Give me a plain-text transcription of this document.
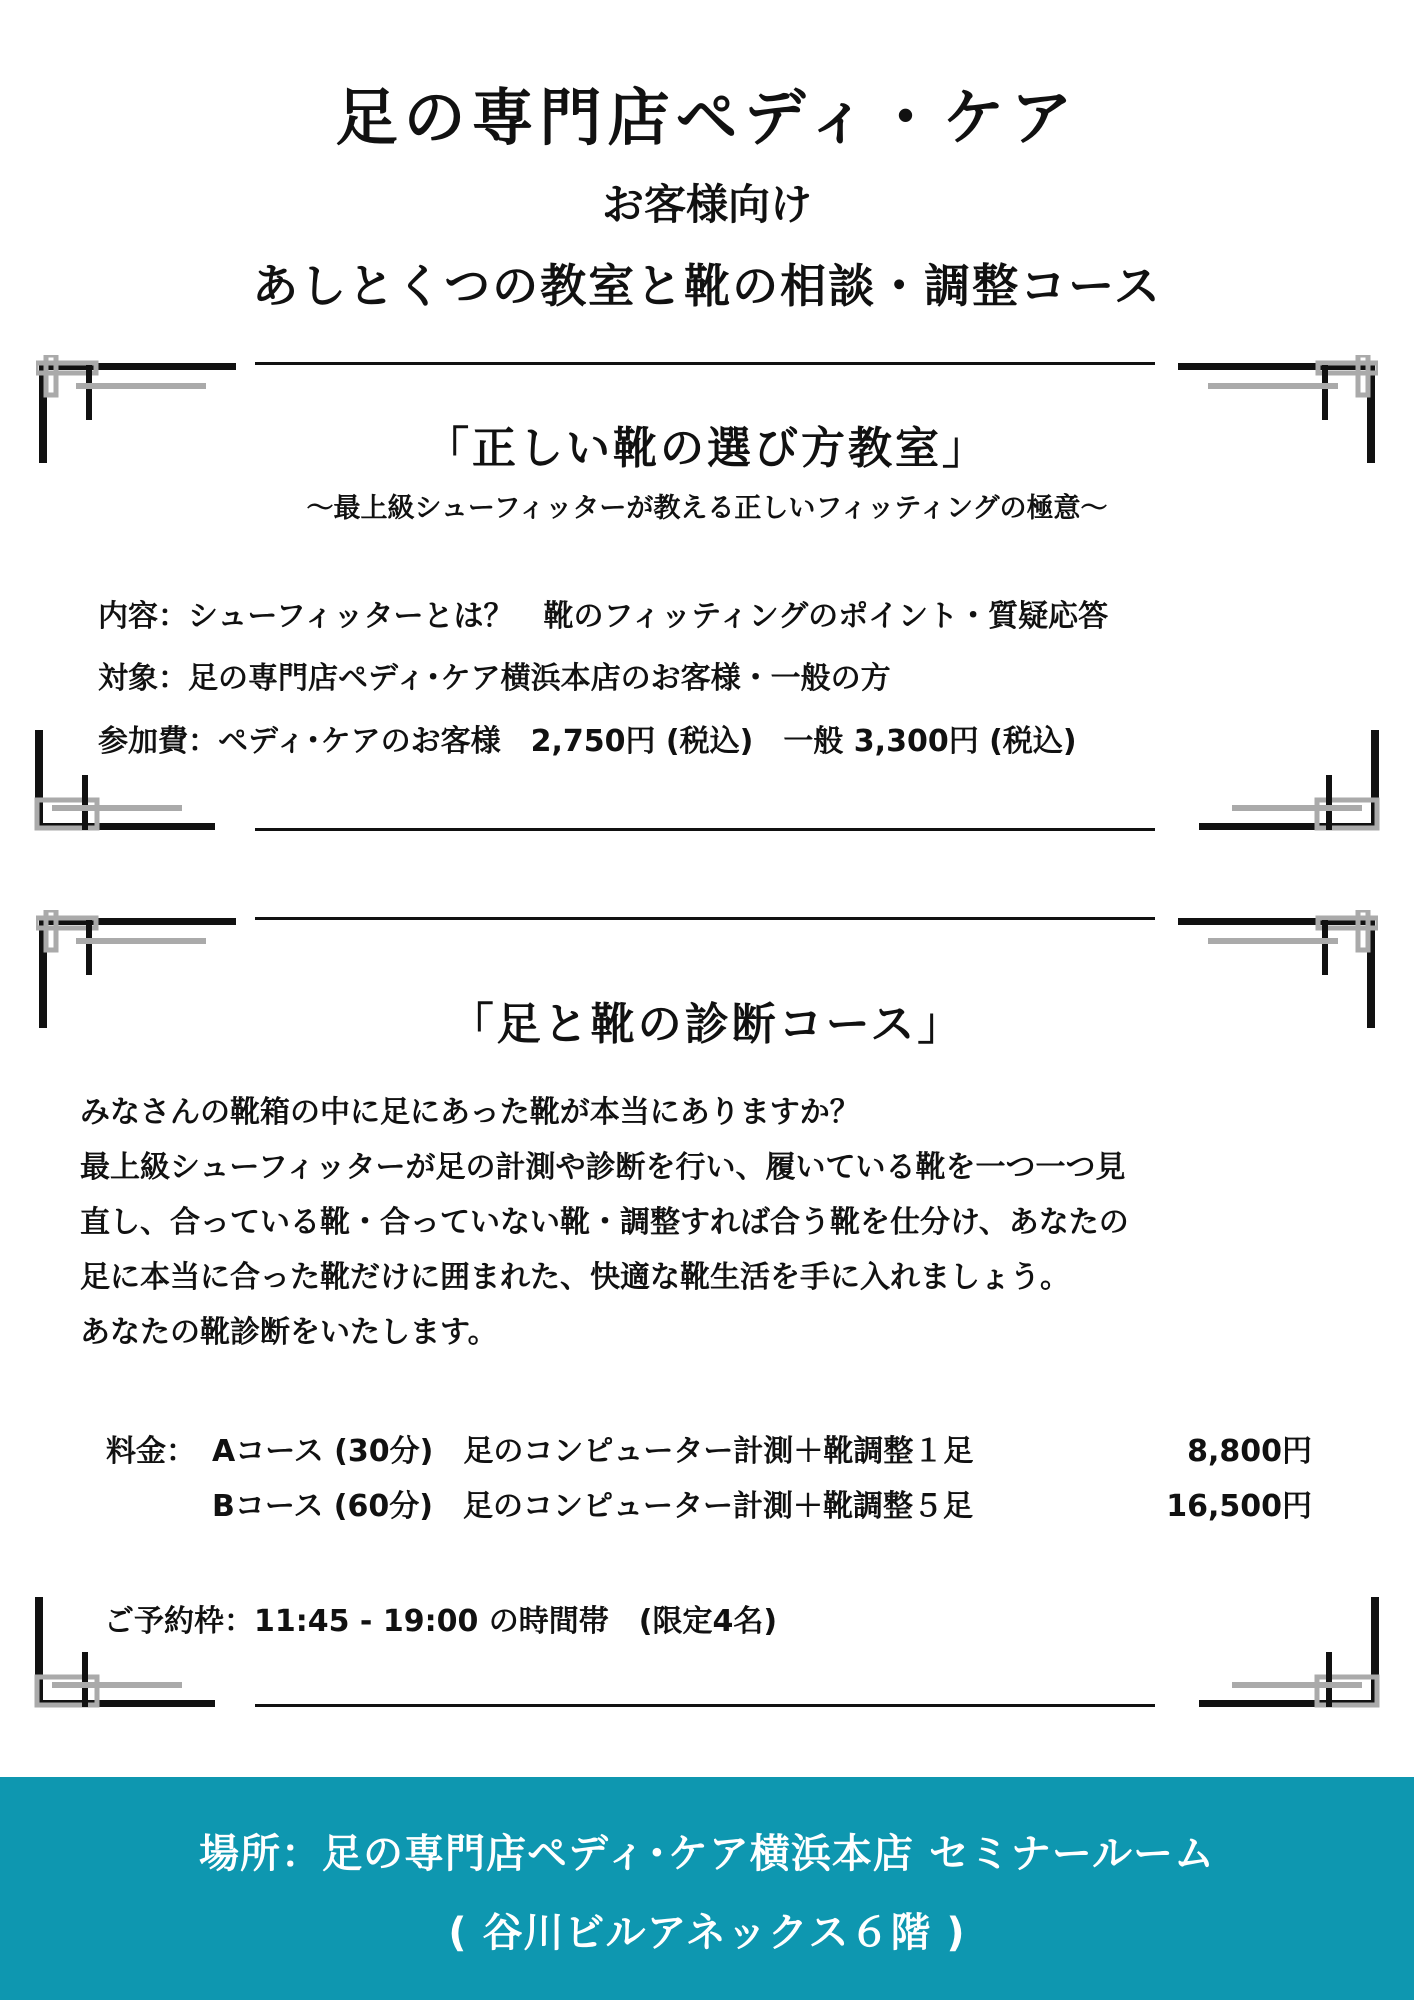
足の専門店ペディ・ケア
お客様向け
あしとくつの教室と靴の相談・調整コース
「正しい靴の選び方教室」
〜最上級シューフィッターが教える正しいフィッティングの極意〜
内容：シューフィッターとは？　靴のフィッティングのポイント・質疑応答
対象：足の専門店ペディ･ケア横浜本店のお客様・一般の方
参加費：ペディ･ケアのお客様　2,750円 (税込)　一般 3,300円 (税込)
「足と靴の診断コース」
みなさんの靴箱の中に足にあった靴が本当にありますか？
最上級シューフィッターが足の計測や診断を行い、履いている靴を一つ一つ見
直し、合っている靴・合っていない靴・調整すれば合う靴を仕分け、あなたの
足に本当に合った靴だけに囲まれた、快適な靴生活を手に入れましょう。
あなたの靴診断をいたします。
料金： Aコース (30分)　足のコンピューター計測＋靴調整１足	8,800円
Bコース (60分)　足のコンピューター計測＋靴調整５足	16,500円
ご予約枠：11:45 - 19:00 の時間帯　(限定4名)
場所：足の専門店ペディ･ケア横浜本店 セミナールーム
( 谷川ビルアネックス６階 )
